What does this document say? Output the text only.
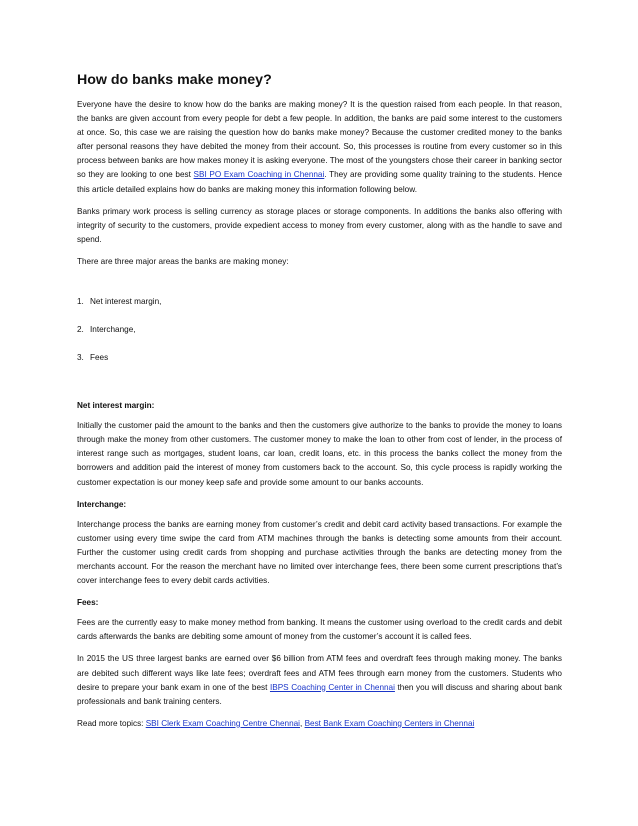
How do banks make money?

Everyone have the desire to know how do the banks are making money? It is the question raised from each people. In that reason, the banks are given account from every people for debt a few people. In addition, the banks are paid some interest to the customers at once. So, this case we are raising the question how do banks make money? Because the customer credited money to the banks after personal reasons they have debited the money from their account. So, this processes is routine from every customer so in this process between banks are how makes money it is asking everyone. The most of the youngsters chose their career in banking sector so they are looking to one best SBI PO Exam Coaching in Chennai. They are providing some quality training to the students. Hence this article detailed explains how do banks are making money this information following below.

Banks primary work process is selling currency as storage places or storage components. In additions the banks also offering with integrity of security to the customers, provide expedient access to money from every customer, along with as the handle to save and spend.

There are three major areas the banks are making money:

1. Net interest margin,
2. Interchange,
3. Fees

Net interest margin:

Initially the customer paid the amount to the banks and then the customers give authorize to the banks to provide the money to loans through make the money from other customers. The customer money to make the loan to other from cost of lender, in the process of interest range such as mortgages, student loans, car loan, credit loans, etc. in this process the banks collect the money from the borrowers and addition paid the interest of money from customers back to the account. So, this cycle process is rapidly working the customer expectation is our money keep safe and provide some amount to our banks accounts.

Interchange:

Interchange process the banks are earning money from customer’s credit and debit card activity based transactions. For example the customer using every time swipe the card from ATM machines through the banks is detecting some amounts from their account. Further the customer using credit cards from shopping and purchase activities through the banks are detecting money from the merchants account. For the reason the merchant have no limited over interchange fees, there been some current prescriptions that’s cover interchange fees to every debit cards activities.

Fees:

Fees are the currently easy to make money method from banking. It means the customer using overload to the credit cards and debit cards afterwards the banks are debiting some amount of money from the customer’s account it is called fees.

In 2015 the US three largest banks are earned over $6 billion from ATM fees and overdraft fees through making money. The banks are debited such different ways like late fees; overdraft fees and ATM fees through earn money from the customers. Students who desire to prepare your bank exam in one of the best IBPS Coaching Center in Chennai then you will discuss and sharing about bank professionals and bank training centers.

Read more topics: SBI Clerk Exam Coaching Centre Chennai, Best Bank Exam Coaching Centers in Chennai
